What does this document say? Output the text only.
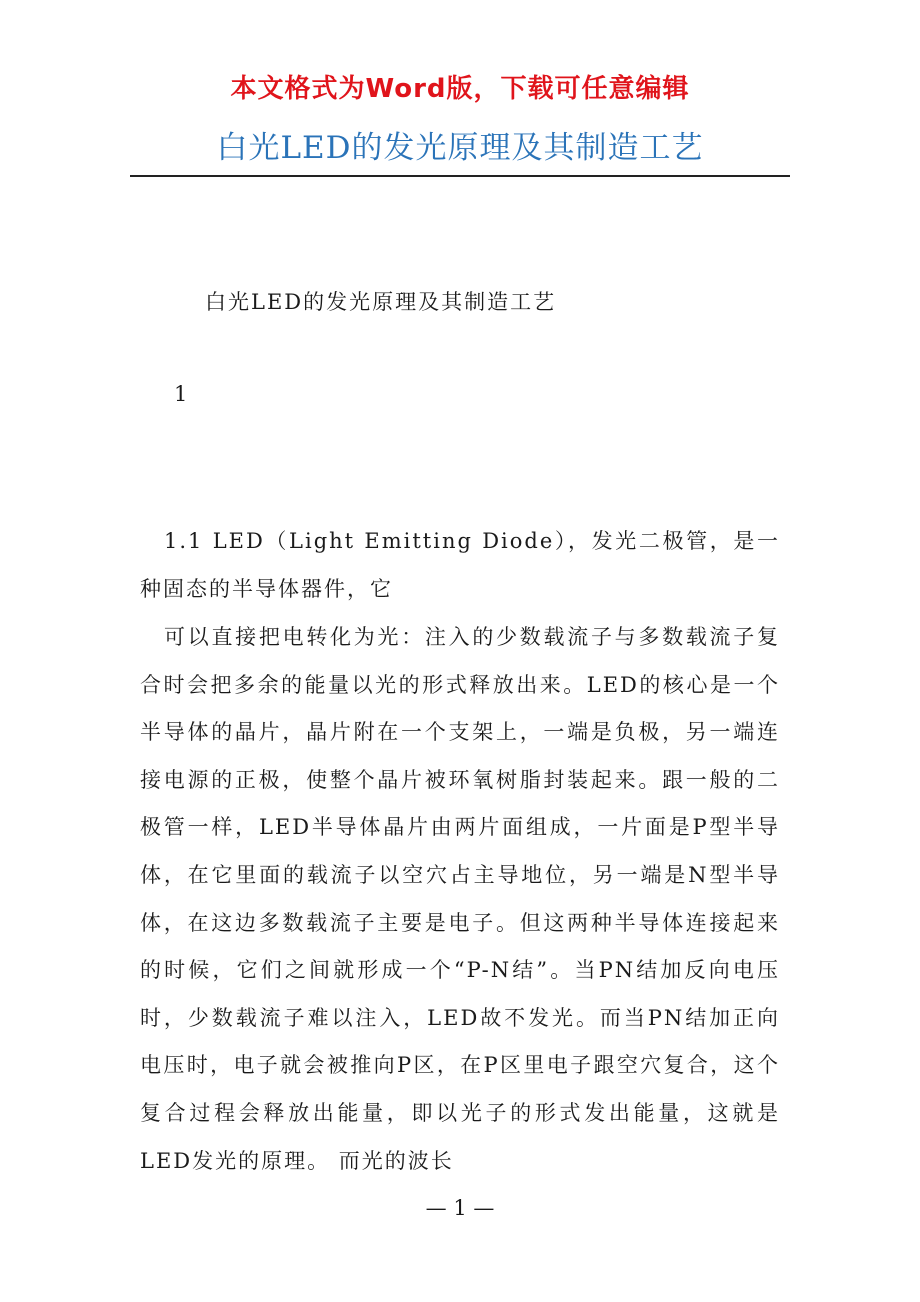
本文格式为Word版，下载可任意编辑
白光LED的发光原理及其制造工艺
白光LED的发光原理及其制造工艺
1

1.1 LED（Light Emitting Diode），发光二极管，是一种固态的半导体器件，它

可以直接把电转化为光：注入的少数载流子与多数载流子复合时会把多余的能量以光的形式释放出来。LED的核心是一个半导体的晶片，晶片附在一个支架上，一端是负极，另一端连接电源的正极，使整个晶片被环氧树脂封装起来。跟一般的二极管一样，LED半导体晶片由两片面组成，一片面是P型半导体，在它里面的载流子以空穴占主导地位，另一端是N型半导体，在这边多数载流子主要是电子。但这两种半导体连接起来的时候，它们之间就形成一个“P-N结”。当PN结加反向电压时，少数载流子难以注入，LED故不发光。而当PN结加正向电压时，电子就会被推向P区，在P区里电子跟空穴复合，这个复合过程会释放出能量，即以光子的形式发出能量，这就是LED发光的原理。 而光的波长

— 1 —
